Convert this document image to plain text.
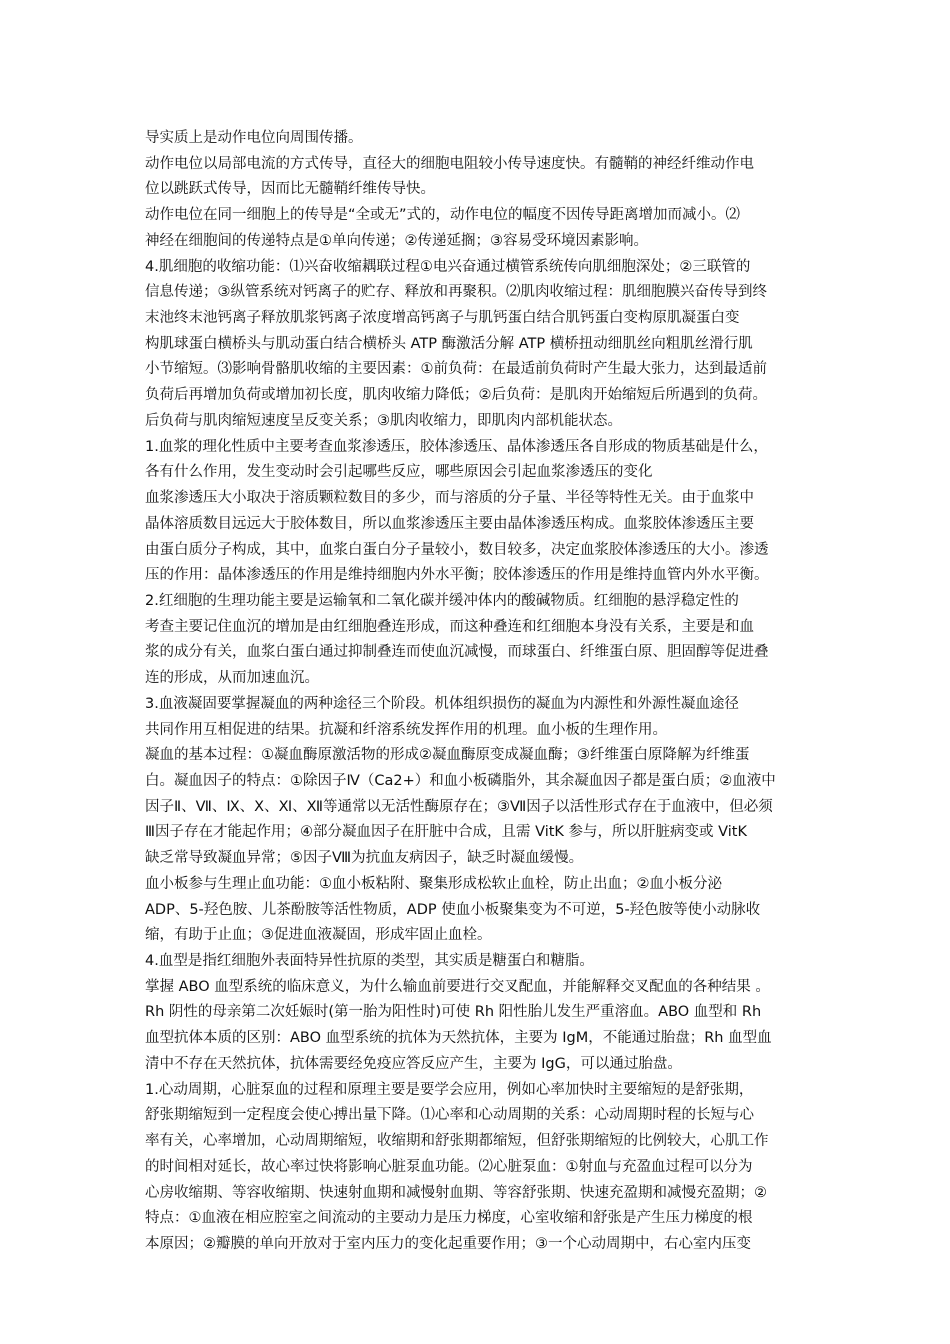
导实质上是动作电位向周围传播。
动作电位以局部电流的方式传导，直径大的细胞电阻较小传导速度快。有髓鞘的神经纤维动作电
位以跳跃式传导，因而比无髓鞘纤维传导快。
动作电位在同一细胞上的传导是“全或无”式的，动作电位的幅度不因传导距离增加而减小。⑵
神经在细胞间的传递特点是①单向传递；②传递延搁；③容易受环境因素影响。
4.肌细胞的收缩功能：⑴兴奋收缩耦联过程①电兴奋通过横管系统传向肌细胞深处；②三联管的
信息传递；③纵管系统对钙离子的贮存、释放和再聚积。⑵肌肉收缩过程：肌细胞膜兴奋传导到终
末池终末池钙离子释放肌浆钙离子浓度增高钙离子与肌钙蛋白结合肌钙蛋白变构原肌凝蛋白变
构肌球蛋白横桥头与肌动蛋白结合横桥头 ATP 酶激活分解 ATP 横桥扭动细肌丝向粗肌丝滑行肌
小节缩短。⑶影响骨骼肌收缩的主要因素：①前负荷：在最适前负荷时产生最大张力，达到最适前
负荷后再增加负荷或增加初长度，肌肉收缩力降低；②后负荷：是肌肉开始缩短后所遇到的负荷。
后负荷与肌肉缩短速度呈反变关系；③肌肉收缩力，即肌肉内部机能状态。
1.血浆的理化性质中主要考查血浆渗透压，胶体渗透压、晶体渗透压各自形成的物质基础是什么，
各有什么作用，发生变动时会引起哪些反应，哪些原因会引起血浆渗透压的变化
血浆渗透压大小取决于溶质颗粒数目的多少，而与溶质的分子量、半径等特性无关。由于血浆中
晶体溶质数目远远大于胶体数目，所以血浆渗透压主要由晶体渗透压构成。血浆胶体渗透压主要
由蛋白质分子构成，其中，血浆白蛋白分子量较小，数目较多，决定血浆胶体渗透压的大小。渗透
压的作用：晶体渗透压的作用是维持细胞内外水平衡；胶体渗透压的作用是维持血管内外水平衡。
2.红细胞的生理功能主要是运输氧和二氧化碳并缓冲体内的酸碱物质。红细胞的悬浮稳定性的
考查主要记住血沉的增加是由红细胞叠连形成，而这种叠连和红细胞本身没有关系，主要是和血
浆的成分有关，血浆白蛋白通过抑制叠连而使血沉减慢，而球蛋白、纤维蛋白原、胆固醇等促进叠
连的形成，从而加速血沉。
3.血液凝固要掌握凝血的两种途径三个阶段。机体组织损伤的凝血为内源性和外源性凝血途径
共同作用互相促进的结果。抗凝和纤溶系统发挥作用的机理。血小板的生理作用。
凝血的基本过程：①凝血酶原激活物的形成②凝血酶原变成凝血酶；③纤维蛋白原降解为纤维蛋
白。凝血因子的特点：①除因子Ⅳ（Ca2+）和血小板磷脂外，其余凝血因子都是蛋白质；②血液中
因子Ⅱ、Ⅶ、Ⅸ、Ⅹ、Ⅺ、Ⅻ等通常以无活性酶原存在；③Ⅶ因子以活性形式存在于血液中，但必须
Ⅲ因子存在才能起作用；④部分凝血因子在肝脏中合成，且需 VitK 参与，所以肝脏病变或 VitK
缺乏常导致凝血异常；⑤因子Ⅷ为抗血友病因子，缺乏时凝血缓慢。
血小板参与生理止血功能：①血小板粘附、聚集形成松软止血栓，防止出血；②血小板分泌
ADP、5-羟色胺、儿茶酚胺等活性物质，ADP 使血小板聚集变为不可逆，5-羟色胺等使小动脉收
缩，有助于止血；③促进血液凝固，形成牢固止血栓。
4.血型是指红细胞外表面特异性抗原的类型，其实质是糖蛋白和糖脂。
掌握 ABO 血型系统的临床意义，为什么输血前要进行交叉配血，并能解释交叉配血的各种结果 。
Rh 阴性的母亲第二次妊娠时(第一胎为阳性时)可使 Rh 阳性胎儿发生严重溶血。ABO 血型和 Rh
血型抗体本质的区别：ABO 血型系统的抗体为天然抗体，主要为 IgM，不能通过胎盘；Rh 血型血
清中不存在天然抗体，抗体需要经免疫应答反应产生，主要为 IgG，可以通过胎盘。
1.心动周期，心脏泵血的过程和原理主要是要学会应用，例如心率加快时主要缩短的是舒张期，
舒张期缩短到一定程度会使心搏出量下降。⑴心率和心动周期的关系：心动周期时程的长短与心
率有关，心率增加，心动周期缩短，收缩期和舒张期都缩短，但舒张期缩短的比例较大，心肌工作
的时间相对延长，故心率过快将影响心脏泵血功能。⑵心脏泵血：①射血与充盈血过程可以分为
心房收缩期、等容收缩期、快速射血期和减慢射血期、等容舒张期、快速充盈期和减慢充盈期；②
特点：①血液在相应腔室之间流动的主要动力是压力梯度，心室收缩和舒张是产生压力梯度的根
本原因；②瓣膜的单向开放对于室内压力的变化起重要作用；③一个心动周期中，右心室内压变
